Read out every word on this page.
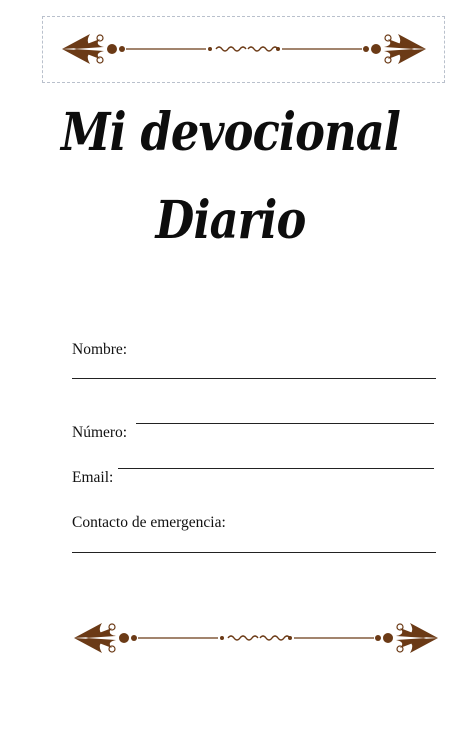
Mi devocional
Diario
Nombre:
Número:
Email:
Contacto de emergencia:
